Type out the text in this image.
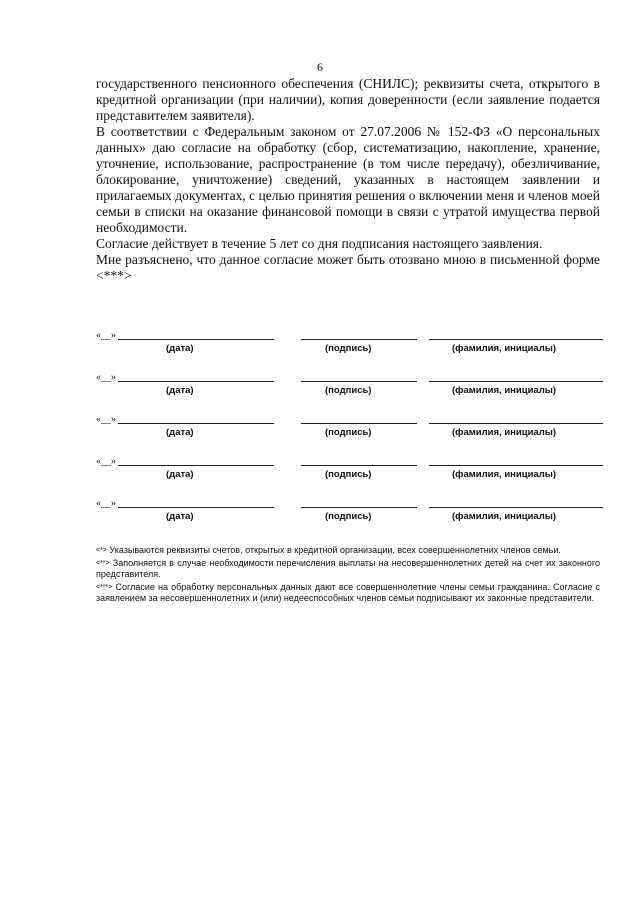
6

государственного пенсионного обеспечения (СНИЛС); реквизиты счета, открытого в кредитной организации (при наличии), копия доверенности (если заявление подается представителем заявителя).

В соответствии с Федеральным законом от 27.07.2006 № 152-ФЗ «О персональных данных» даю согласие на обработку (сбор, систематизацию, накопление, хранение, уточнение, использование, распространение (в том числе передачу), обезличивание, блокирование, уничтожение) сведений, указанных в настоящем заявлении и прилагаемых документах, с целью принятия решения о включении меня и членов моей семьи в списки на оказание финансовой помощи в связи с утратой имущества первой необходимости.

Согласие действует в течение 5 лет со дня подписания настоящего заявления.

Мне разъяснено, что данное согласие может быть отозвано мною в письменной форме <***>

«__»
(дата)	(подпись)	(фамилия, инициалы)
«__»
(дата)	(подпись)	(фамилия, инициалы)
«__»
(дата)	(подпись)	(фамилия, инициалы)
«__»
(дата)	(подпись)	(фамилия, инициалы)
«__»
(дата)	(подпись)	(фамилия, инициалы)

<*> Указываются реквизиты счетов, открытых в кредитной организации, всех совершеннолетних членов семьи.

<**> Заполняется в случае необходимости перечисления выплаты на несовершеннолетних детей на счет их законного представителя.

<***> Согласие на обработку персональных данных дают все совершеннолетние члены семьи гражданина. Согласие с заявлением за несовершеннолетних и (или) недееспособных членов семьи подписывают их законные представители.
